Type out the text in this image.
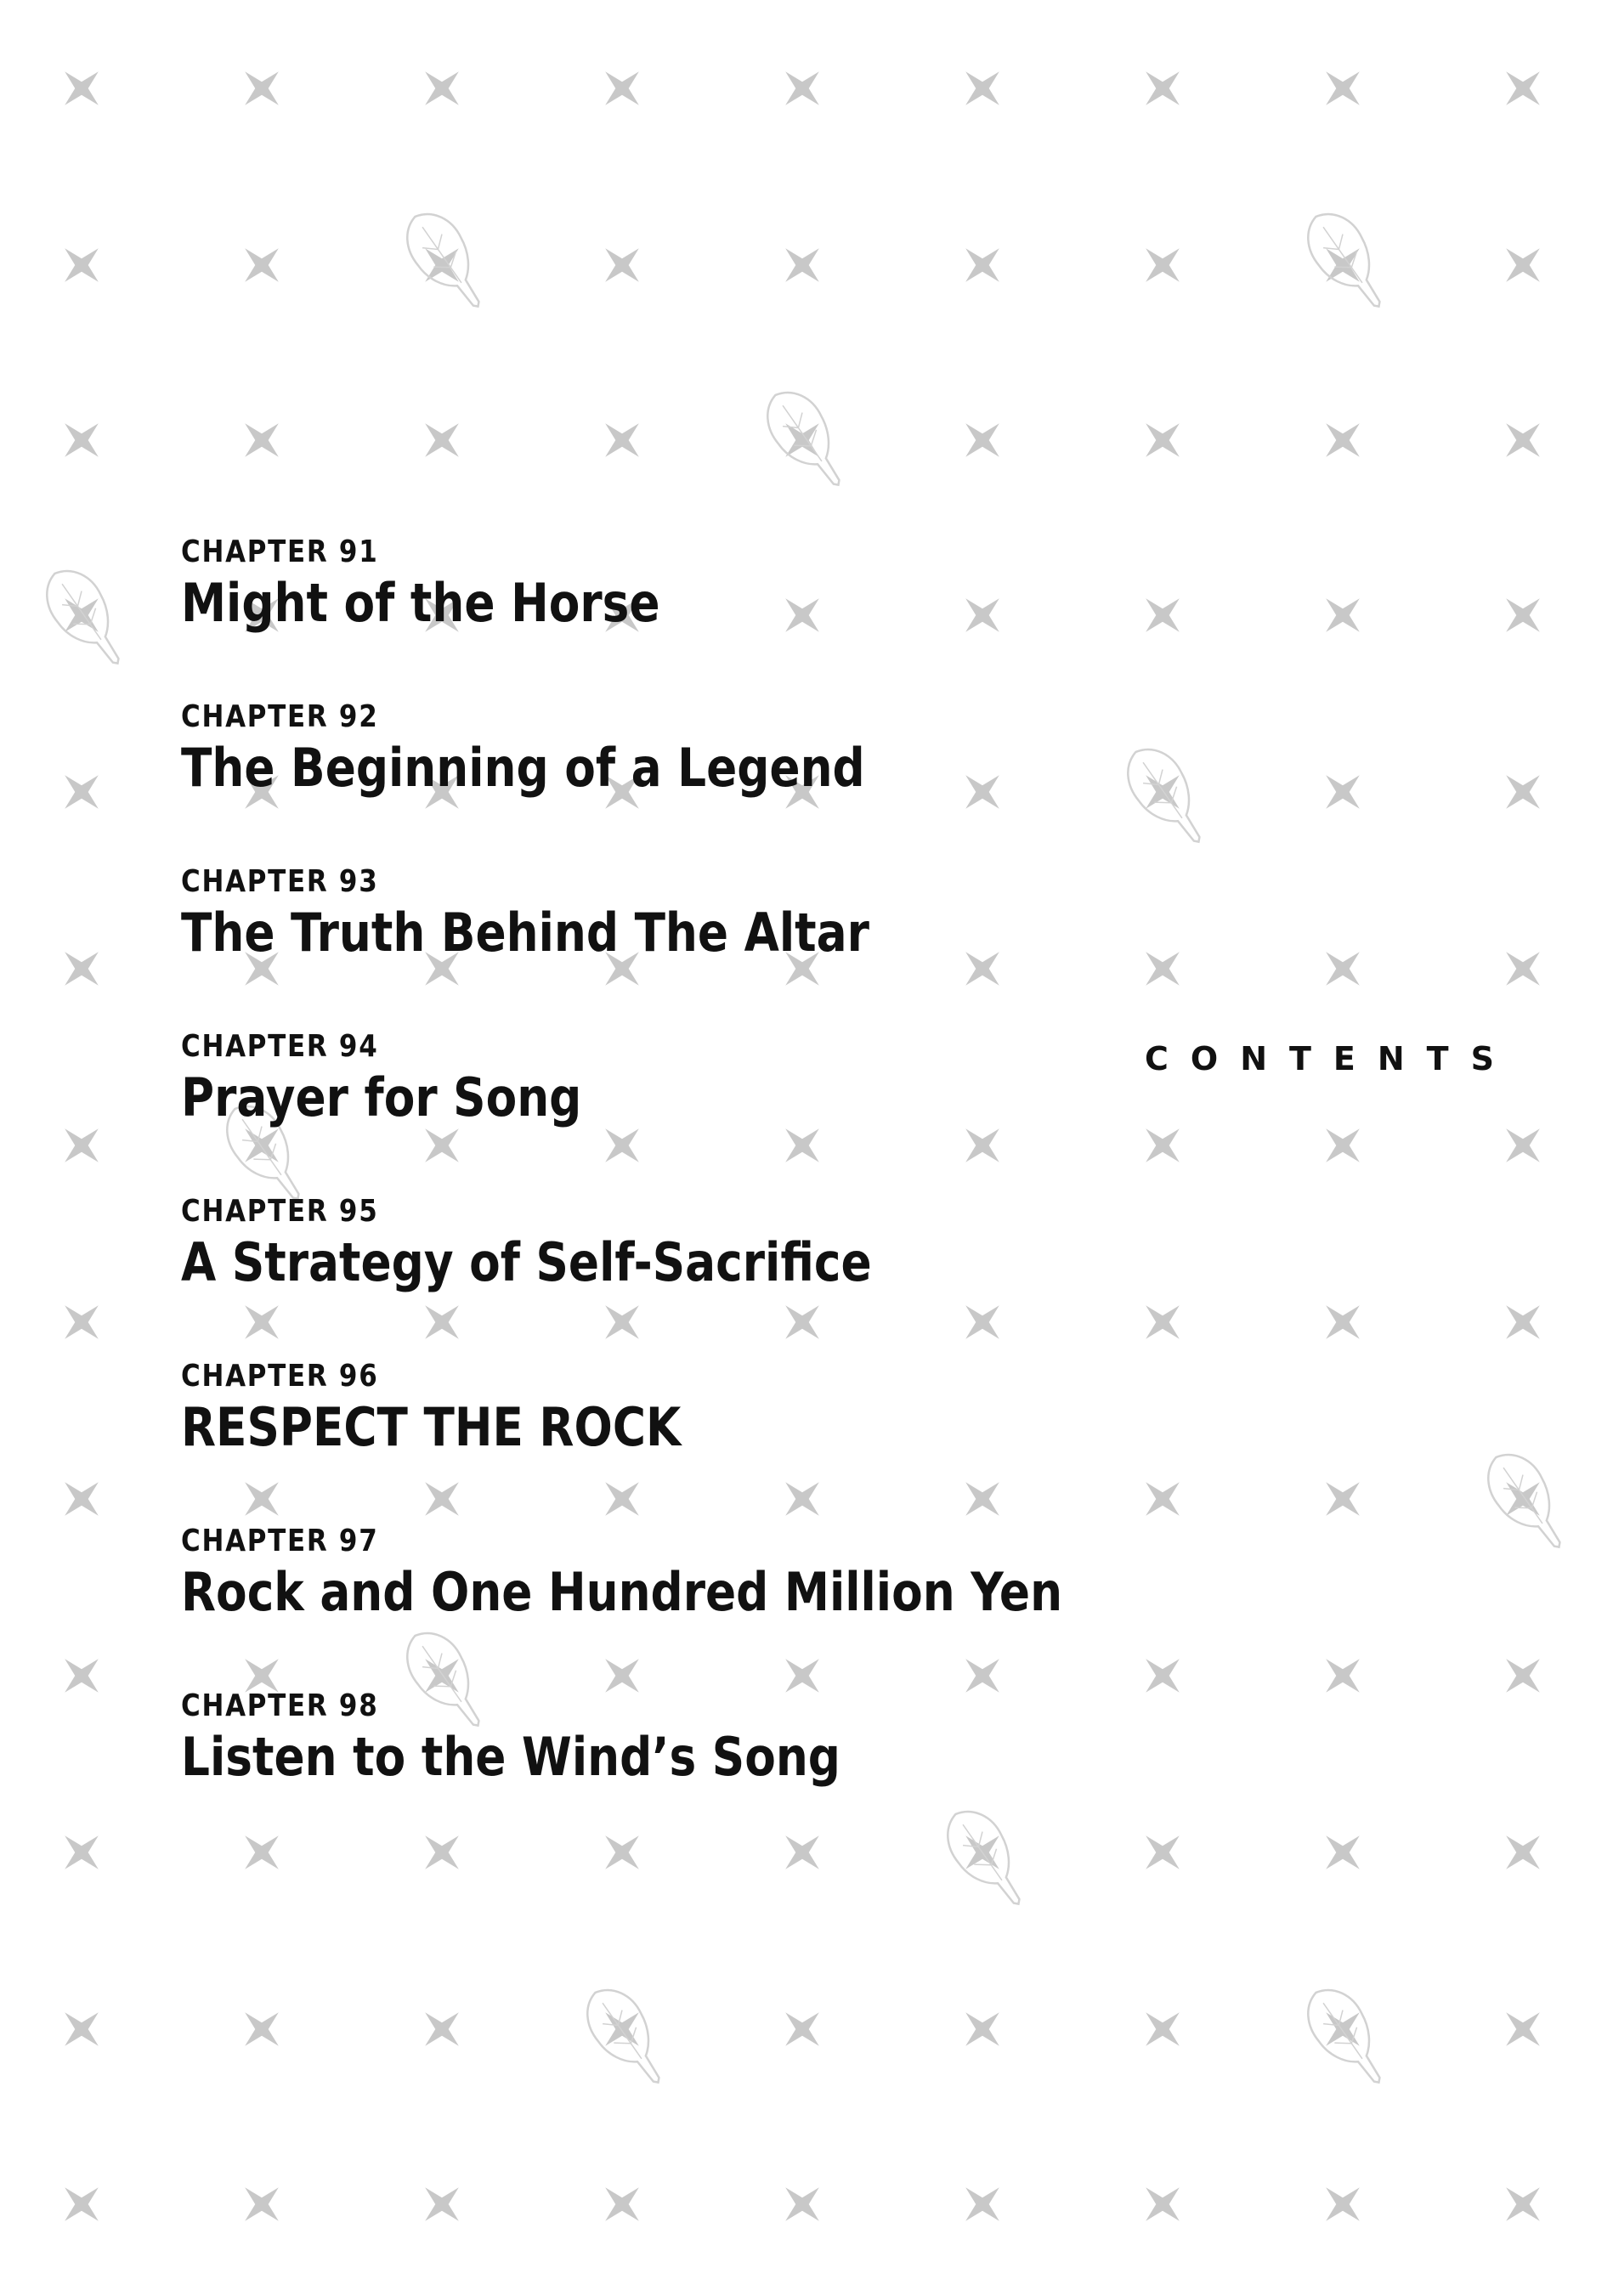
CHAPTER 91
Might of the Horse
CHAPTER 92
The Beginning of a Legend
CHAPTER 93
The Truth Behind The Altar
CHAPTER 94
Prayer for Song
CHAPTER 95
A Strategy of Self-Sacrifice
CHAPTER 96
RESPECT THE ROCK
CHAPTER 97
Rock and One Hundred Million Yen
CHAPTER 98
Listen to the Wind’s Song
CONTENTS
